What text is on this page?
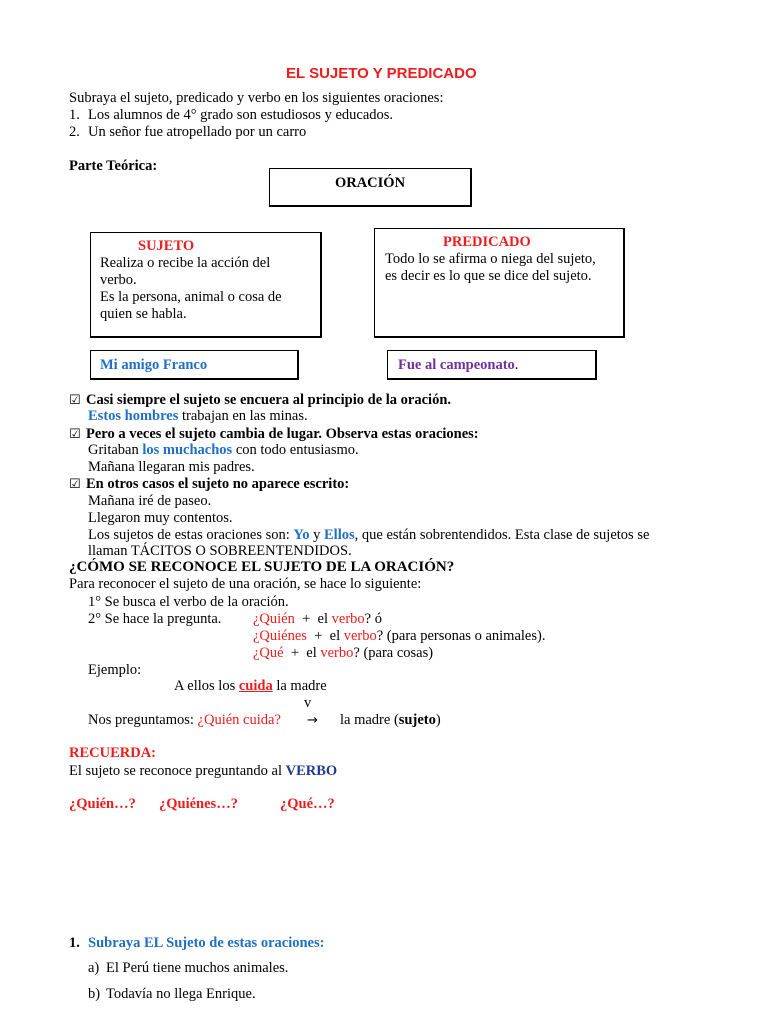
EL SUJETO Y PREDICADO
Subraya el sujeto, predicado y verbo en los siguientes oraciones:
1. Los alumnos de 4° grado son estudiosos y educados.
2. Un señor fue atropellado por un carro
Parte Teórica:
ORACIÓN
SUJETO
Realiza o recibe la acción del
verbo.
Es la persona, animal o cosa de
quien se habla.
PREDICADO
Todo lo se afirma o niega del sujeto,
es decir es lo que se dice del sujeto.
Mi amigo Franco	Fue al campeonato.
☑ Casi siempre el sujeto se encuera al principio de la oración.
Estos hombres trabajan en las minas.
☑ Pero a veces el sujeto cambia de lugar. Observa estas oraciones:
Gritaban los muchachos con todo entusiasmo.
Mañana llegaran mis padres.
☑ En otros casos el sujeto no aparece escrito:
Mañana iré de paseo.
Llegaron muy contentos.
Los sujetos de estas oraciones son: Yo y Ellos, que están sobrentendidos. Esta clase de sujetos se
llaman TÁCITOS O SOBREENTENDIDOS.
¿CÓMO SE RECONOCE EL SUJETO DE LA ORACIÓN?
Para reconocer el sujeto de una oración, se hace lo siguiente:
1° Se busca el verbo de la oración.
2° Se hace la pregunta. ¿Quién  +  el verbo? ó
¿Quiénes  +  el verbo? (para personas o animales).
¿Qué  +  el verbo? (para cosas)
Ejemplo:
A ellos los cuida la madre
v
Nos preguntamos: ¿Quién cuida? → la madre (sujeto)
RECUERDA:
El sujeto se reconoce preguntando al VERBO
¿Quién…? ¿Quiénes…?	¿Qué…?
1. Subraya EL Sujeto de estas oraciones:
a) El Perú tiene muchos animales.
b) Todavía no llega Enrique.
